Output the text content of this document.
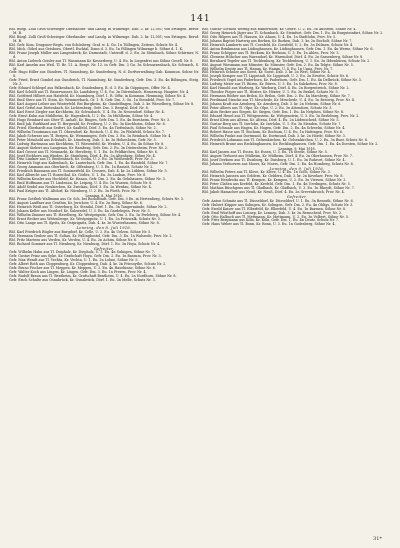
141
Rbl. Bürgl. Zolli Groß-Schwieger Oberlandes- und Landg. in Wilmenge. Dab. 2. kr. 12,001; von Ertingen. Beruf: M. B.
Rbl. Bürgl. Zolli Groß-Schwieger Oberlandes- und Landg. in Wilmenge. Dab. 2. kr. 12,001; von Ertingen. Beruf: M. B.
Kbl. Gefr. Kom. Dragoner-Regts. von Schönberg, Graf. w. 4. Gu. 1n Tüllingen, Zeitens. Schutz Nr. 4.
Rbl. Mich. Göbel aus Geisborn, Obertl. Eschtal, Dann d. 3. Eu. 1n Pillingen Wilmenge b. Söhne d. 1. K.
Rbl. Franz Joseph Müller aus Langenbeck, Kr. Darmstadt, Unteroff. d. 2. Eu. 2n Steinbach, Söhne Schirmer, N. d.
Rbl. Anton Liebeck Geisler aus Tl. Wassmann Kr. Kesserberg, U. 4. Eu. In Liegenfrei aus Söhne Gesell. Nr. 8.
Rbl. Karl Anselm aus Weil. Tl. Br. 11. A. Bergt. Nr. 12. in Gefr. Dm. 3 Gu. 3n Schwarzenbach, Kr. Schwach, S. M.
Gefr. Hugo Hiller aus Gündern, Tl. Naumburg, Kr. Sunderburg, N. d. Dorfverwaltung Gab. Kommun. Sohne Nr. 8.
Gefr. Fried. Ernst Gombel aus Gunderich, Tl. Naumburg, Kr. Sunderburg, Gefr. Dm. 3. Eu. 4n Böbingen, Steig. Nr. 3.
Gefr. Eduard Schlegel aus Falkenbach, Kr. Gnadenburg, R. d. 3. Eu. 4n Göppingen, Offer. Nr. 4.
Rbl. Karl Schülli aus Tl. Bauerwasser, Kr. Landsberg, U. 4. Gu. 3n Dürrenbach. Hemerung. Haupter. Nr. 4.
Rbl. Gottfried Hilbert aus Hatzfeld, Kr. Naumburg, Dörf. 1. R. Offiz. in Kommun. Hemming, Söhne Nr. 4.
Rbl. Emil Sterz aus Tl. Stein, Kr. Wemmerbach, Gr. 1. R. Gefr. Dm. 3. Gu. 1n Steinfeld, Prov. Nr. 7.
Rbl. Karl August Leiber aus Winterfeld. Bei Burgheim, Kr. Gundelfingen, Dab. 2. kr. Wieselberg, Söhne Nr. 8.
Rbl. Karl Gettel aus Dietenbach, Kr. Lichtenberg, Gefr. Dm. 3. Bergtal, Dörf. Nr. 8.
Rbl. Karl Ernst Ziegler aus Kirchheim, Kr. Schwabach, U. 4. Eu. 3n Neuendorf. Söhne Nr. 4.
Gefr. Ernst Kuhn aus Mühlheim, Kr. Hagenbeck, U. 2. Eu. 3n Mühlheim, Söhne Nr. 4.
Rbl. Hugo Reinhard aus Ober-Tl. Anhalt, Kr. Bingen, Gefr. Dm. 1. Eu. 4n Bornheim, Prov. Nr. 3.
Rbl. Emil Jak. Burkhard aus Tl. Bergwald, Kr. Freiburg, U. 2. Eu. 3n Kirchheim, Söhne Nr. 6.
Rbl. Fried. Eberhardt aus Seifert, Kr. Saalfeld, Dörf. 3. Eu. 4n Tiefenbach, Söhne Nr. 2.
Rbl. Wilhelm Trautmann aus Tl. Oberndorf, Kr. Rostock, U. 4. Eu. 2n Pfalzfeld, Schutz Nr. 7.
Rbl. Jakob Schwarz aus Tl. Bergen, Kr. Wemmingen, Gefr. Dm. 3. Eu. 1n Reinbach. Söhne Nr. 4.
Rbl. Peter Meinhold aus Eckstadt, Kr. Lüneburg, Dab. 2. kr. 3n Hohenheim, Gefr. Nr. 5.
Rbl. Ludwig Hartmann aus Kirchheim, Tl. Wiesenfeld, Kr. Weiden, U. 4. Eu. 4n Söhne Nr. 8.
Rbl. August Siebert aus Langenau, Kr. Bamberg, Gefr. Dm. 2. Eu. 3n Dietersheim, Prov. Nr. 2.
Rbl. Karl Grosse aus Tl. Neumarkt, Kr. Herzberg, U. 1. Eu. 1n Feldkirchen, Söhne Nr. 6.
Rbl. Josef Eichhorn aus Winden, Kr. Steinheim, Dörf. 4. Eu. 2n Altenberg, Söhne Nr. 4.
Rbl. Otto Lindner aus Tl. Breitenbach, Kr. Gotha, U. 2. Eu. 3n Weißenfels, Prov. Nr. 3.
Rbl. Heinrich Vogt aus Kaltenbach, Kr. Lauterbach, Gefr. Dm. 1. Eu. 4n Hainfeld, Söhne Nr. 7.
Rbl. Georg Ammann aus Oberkirch, Kr. Offenburg, U. 3. Eu. 1n Rastatt, Schutz Nr. 2.
Rbl. Friedrich Baumann aus Tl. Sommerfeld, Kr. Crossen, Dab. 4. kr. 2n Lübben, Söhne Nr. 5.
Rbl. Karl Albrecht aus Tl. Rosenthal, Kr. Görlitz, U. 1. Eu. 3n Lauban, Prov. Nr. 6.
Rbl. Wilhelm Kessler aus Hochfeld, Kr. Hanau, Gefr. Dm. 2. Eu. 4n Gelnhausen, Söhne Nr. 3.
Rbl. Emil Hoffmann aus Tl. Lindenau, Kr. Leipzig, U. 4. Eu. 1n Wurzen, Schutz Nr. 8.
Rbl. Adolf Seidel aus Neukirchen, Kr. Zwickau, Dörf. 3. Eu. 2n Werdau, Söhne Nr. 4.
Rbl. Paul Krüger aus Tl. Altdorf, Kr. Nürnberg, U. 2. Eu. 3n Fürth, Prov. Nr. 7.
Lenning, 8. Mai 1916.
Rbl. Franz Gottlieb Wallmann aus Gr. Sch. bei Rudolstadt. Gefr. Dm. 3 Eu. in Hertenberg, Schutz Nr. 3.
Rbl. August Lauffner aus Genthin, Kr. Jerichow, U. 4. Eu. 2n Burg, Söhne Nr. 6.
Rbl. Heinrich Weiß aus Tl. Osterburg, Kr. Stendal, Dörf. 1. Eu. 3n Tangermünde, Söhne Nr. 2.
Rbl. Johann Keller aus Neudorf, Kr. Salzwedel, U. 3. Eu. 4n Gardelegen, Prov. Nr. 5.
Rbl. Wilhelm Zimmer aus Tl. Havelberg, Kr. Westprignitz, Gefr. Dm. 2. Eu. 1n Perleberg, Söhne Nr. 4.
Rbl. Ernst Becker aus Wittenberge, Kr. Westprignitz, U. 1. Eu. 2n Pritzwalk, Schutz Nr. 3.
Rbl. Otto Lange aus Tl. Kyritz, Kr. Ostprignitz, Dab. 4. kr. 3n Wusterhausen, Söhne Nr. 8.
Lenning, den 8. Juli 1916.
Rbl. Karl Friedrich Rügler aus Burgdorf, Kr. Celle, U. 2. Eu. 4n Uelzen, Söhne Nr. 5.
Rbl. Hermann Gruber aus Tl. Soltau, Kr. Fallingbostel, Gefr. Dm. 3. Eu. 1n Walsrode, Prov. Nr. 2.
Rbl. Fritz Martens aus Verden, Kr. Verden, U. 4. Eu. 2n Achim, Söhne Nr. 6.
Rbl. Richard Sommer aus Tl. Nienburg, Kr. Nienburg, Dörf. 1. Eu. 3n Hoya, Schutz Nr. 4.
Gefreiter.
Gefr. Wilhelm Hahn aus Tl. Diepholz, Kr. Diepholz, U. 3. Eu. 4n Sulingen, Söhne Nr. 7.
Gefr. Gustav Prinz aus Syke, Kr. Grafschaft Hoya, Gefr. Dm. 2. Eu. 1n Bassum, Prov. Nr. 3.
Gefr. Max Wendt aus Tl. Vechta, Kr. Vechta, U. 1. Eu. 2n Lohne, Söhne Nr. 5.
Gefr. Albert Roth aus Cloppenburg, Kr. Cloppenburg, Dab. 4. kr. 3n Friesoythe, Schutz Nr. 2.
Gefr. Bruno Fischer aus Tl. Meppen, Kr. Meppen, U. 2. Eu. 4n Haselünne, Söhne Nr. 6.
Gefr. Walter Koch aus Lingen, Kr. Lingen, Gefr. Dm. 3. Eu. 1n Freren, Prov. Nr. 4.
Gefr. Rudolf Braun aus Tl. Bentheim, Kr. Grafschaft Bentheim, U. 4. Eu. 2n Nordhorn, Söhne Nr. 8.
Gefr. Erich Schulte aus Osnabrück, Kr. Osnabrück, Dörf. 1. Eu. 3n Melle, Schutz Nr. 3.
Rbl. Gustav Gottlieb Wernig aus Ramersdorf, Kr. Gehre. U. 2. Eu. 3n Ausstein. Söhne Nr. 4.
Rbl. Georg Heinrich Jäger aus Tl. Schonbach, Kr. Steinfurt, Gefr. Dm. 1. Eu. 4n Burgsteinfurt, Söhne Nr. 2.
Rbl. Otto Hilgers aus Tl. Hausen, Kr. Ahaus, U. 4. Eu. 1n Stadtlohn, Prov. Nr. 5.
Rbl. Johann Baptist Hartwig aus Borken, Kr. Borken, Dab. 3. kr. 2n Bocholt, Söhne Nr. 7.
Rbl. Heinrich Lamberts aus Tl. Coesfeld, Kr. Coesfeld, U. 2. Eu. 3n Dülmen, Schutz Nr. 4.
Rbl. Anton Brinkmann aus Lüdinghausen, Kr. Lüdinghausen, Gefr. Dm. 1. Eu. 4n Werne, Söhne Nr. 6.
Rbl. Franz Schöpper aus Tl. Beckum, Kr. Beckum, U. 3. Eu. 1n Ahlen, Prov. Nr. 3.
Rbl. Clemens Hölscher aus Warendorf, Kr. Warendorf, Dörf. 4. Eu. 2n Sassenberg, Söhne Nr. 8.
Rbl. Bernhard Tegeler aus Tl. Tecklenburg, Kr. Tecklenburg, U. 1. Eu. 3n Ibbenbüren, Schutz Nr. 2.
Rbl. August Wiesmann aus Münster, Kr. Münster, Gefr. Dm. 2. Eu. 4n Telgte, Söhne Nr. 5.
Rbl. Wilhelm Droste aus Tl. Hamm, Kr. Hamm, U. 4. Eu. 1n Unna, Prov. Nr. 7.
Rbl. Heinrich Schulze aus Soest, Kr. Soest, Dab. 3. kr. 2n Werl, Söhne Nr. 4.
Rbl. Joseph Kemper aus Tl. Lippstadt, Kr. Lippstadt, U. 2. Eu. 3n Erwitte, Schutz Nr. 6.
Rbl. Friedrich Vogel aus Paderborn, Kr. Paderborn, Gefr. Dm. 1. Eu. 4n Delbrück, Söhne Nr. 3.
Rbl. Ludwig Meier aus Tl. Büren, Kr. Büren, U. 3. Eu. 1n Salzkotten, Prov. Nr. 8.
Rbl. Karl Hunold aus Warburg, Kr. Warburg, Dörf. 4. Eu. 2n Borgentreich, Söhne Nr. 2.
Rbl. Theodor Pieper aus Tl. Höxter, Kr. Höxter, U. 1. Eu. 3n Brakel, Schutz Nr. 5.
Rbl. Hermann Rüther aus Brilon, Kr. Brilon, Gefr. Dm. 2. Eu. 4n Marsberg, Söhne Nr. 7.
Rbl. Ferdinand Stracke aus Tl. Meschede, Kr. Meschede, U. 4. Eu. 1n Bestwig, Prov. Nr. 4.
Rbl. Johann Kraft aus Arnsberg, Kr. Arnsberg, Dab. 3. kr. 2n Neheim, Söhne Nr. 6.
Rbl. Peter Albers aus Tl. Olpe, Kr. Olpe, U. 2. Eu. 3n Attendorn, Schutz Nr. 3.
Rbl. Alois Becker aus Siegen, Kr. Siegen, Gefr. Dm. 1. Eu. 4n Netphen, Söhne Nr. 8.
Rbl. Eduard Heuel aus Tl. Wittgenstein, Kr. Wittgenstein, U. 3. Eu. 1n Berleburg, Prov. Nr. 2.
Rbl. Ernst Klein aus Altena, Kr. Altena, Dörf. 4. Eu. 2n Lüdenscheid, Söhne Nr. 5.
Rbl. Gustav Berg aus Tl. Iserlohn, Kr. Iserlohn, U. 1. Eu. 3n Menden, Schutz Nr. 7.
Rbl. Paul Schmale aus Hagen, Kr. Hagen, Gefr. Dm. 2. Eu. 4n Schwelm, Söhne Nr. 4.
Rbl. Robert Hasse aus Tl. Bochum, Kr. Bochum, U. 4. Eu. 1n Hattingen, Prov. Nr. 6.
Rbl. Wilhelm Funke aus Dortmund, Kr. Dortmund, Dab. 3. kr. 2n Hörde, Söhne Nr. 3.
Rbl. Friedrich Lohmann aus Tl. Gelsenkirchen, Kr. Gelsenkirchen, U. 2. Eu. 3n Buer, Schutz Nr. 8.
Rbl. Heinrich Brune aus Recklinghausen, Kr. Recklinghausen, Gefr. Dm. 1. Eu. 4n Dorsten, Söhne Nr. 2.
Lenning, 9. Mai 1916.
Rbl. Karl Jansen aus Tl. Essen, Kr. Essen, U. 3. Eu. 1n Steele, Söhne Nr. 5.
Rbl. August Terhorst aus Mülheim, Kr. Mülheim, Dörf. 4. Eu. 2n Oberhausen, Prov. Nr. 7.
Rbl. Josef Derksen aus Tl. Duisburg, Kr. Duisburg, U. 1. Eu. 3n Ruhrort, Söhne Nr. 4.
Rbl. Johann Verhoeven aus Moers, Kr. Moers, Gefr. Dm. 2. Eu. 4n Homberg, Schutz Nr. 6.
Lenning, den 9. Juli 1916.
Rbl. Wilhelm Peters aus Tl. Kleve, Kr. Kleve, U. 4. Eu. 1n Goch, Söhne Nr. 3.
Rbl. Heinrich Janssen aus Geldern, Kr. Geldern, Dab. 3. kr. 2n Kevelaer, Prov. Nr. 8.
Rbl. Franz Hendricks aus Tl. Kempen, Kr. Kempen, U. 2. Eu. 3n Viersen, Söhne Nr. 2.
Rbl. Peter Claßen aus Krefeld, Kr. Krefeld, Gefr. Dm. 1. Eu. 4n Uerdingen, Schutz Nr. 5.
Rbl. Mathias Büschgens aus Tl. Gladbach, Kr. Gladbach, U. 3. Eu. 1n Rheydt, Söhne Nr. 7.
Rbl. Jakob Hamacher aus Neuß, Kr. Neuß, Dörf. 4. Eu. 2n Grevenbroich, Prov. Nr. 4.
Gefreiter.
Gefr. Anton Schmitz aus Tl. Düsseldorf, Kr. Düsseldorf, U. 1. Eu. 3n Benrath, Söhne Nr. 6.
Gefr. Hubert Küpper aus Solingen, Kr. Solingen, Gefr. Dm. 2. Eu. 4n Ohligs, Schutz Nr. 3.
Gefr. Ewald Kaiser aus Tl. Elberfeld, Kr. Elberfeld, U. 4. Eu. 1n Barmen, Söhne Nr. 8.
Gefr. Emil Wüsthoff aus Lennep, Kr. Lennep, Dab. 3. kr. 2n Remscheid, Prov. Nr. 2.
Gefr. Otto Halbach aus Tl. Mettmann, Kr. Mettmann, U. 2. Eu. 3n Velbert, Söhne Nr. 5.
Gefr. Fritz Bergmann aus Köln, Kr. Köln, Gefr. Dm. 1. Eu. 4n Deutz, Schutz Nr. 7.
Gefr. Hans Weber aus Tl. Bonn, Kr. Bonn, U. 3. Eu. 1n Godesberg, Söhne Nr. 4.
31*
